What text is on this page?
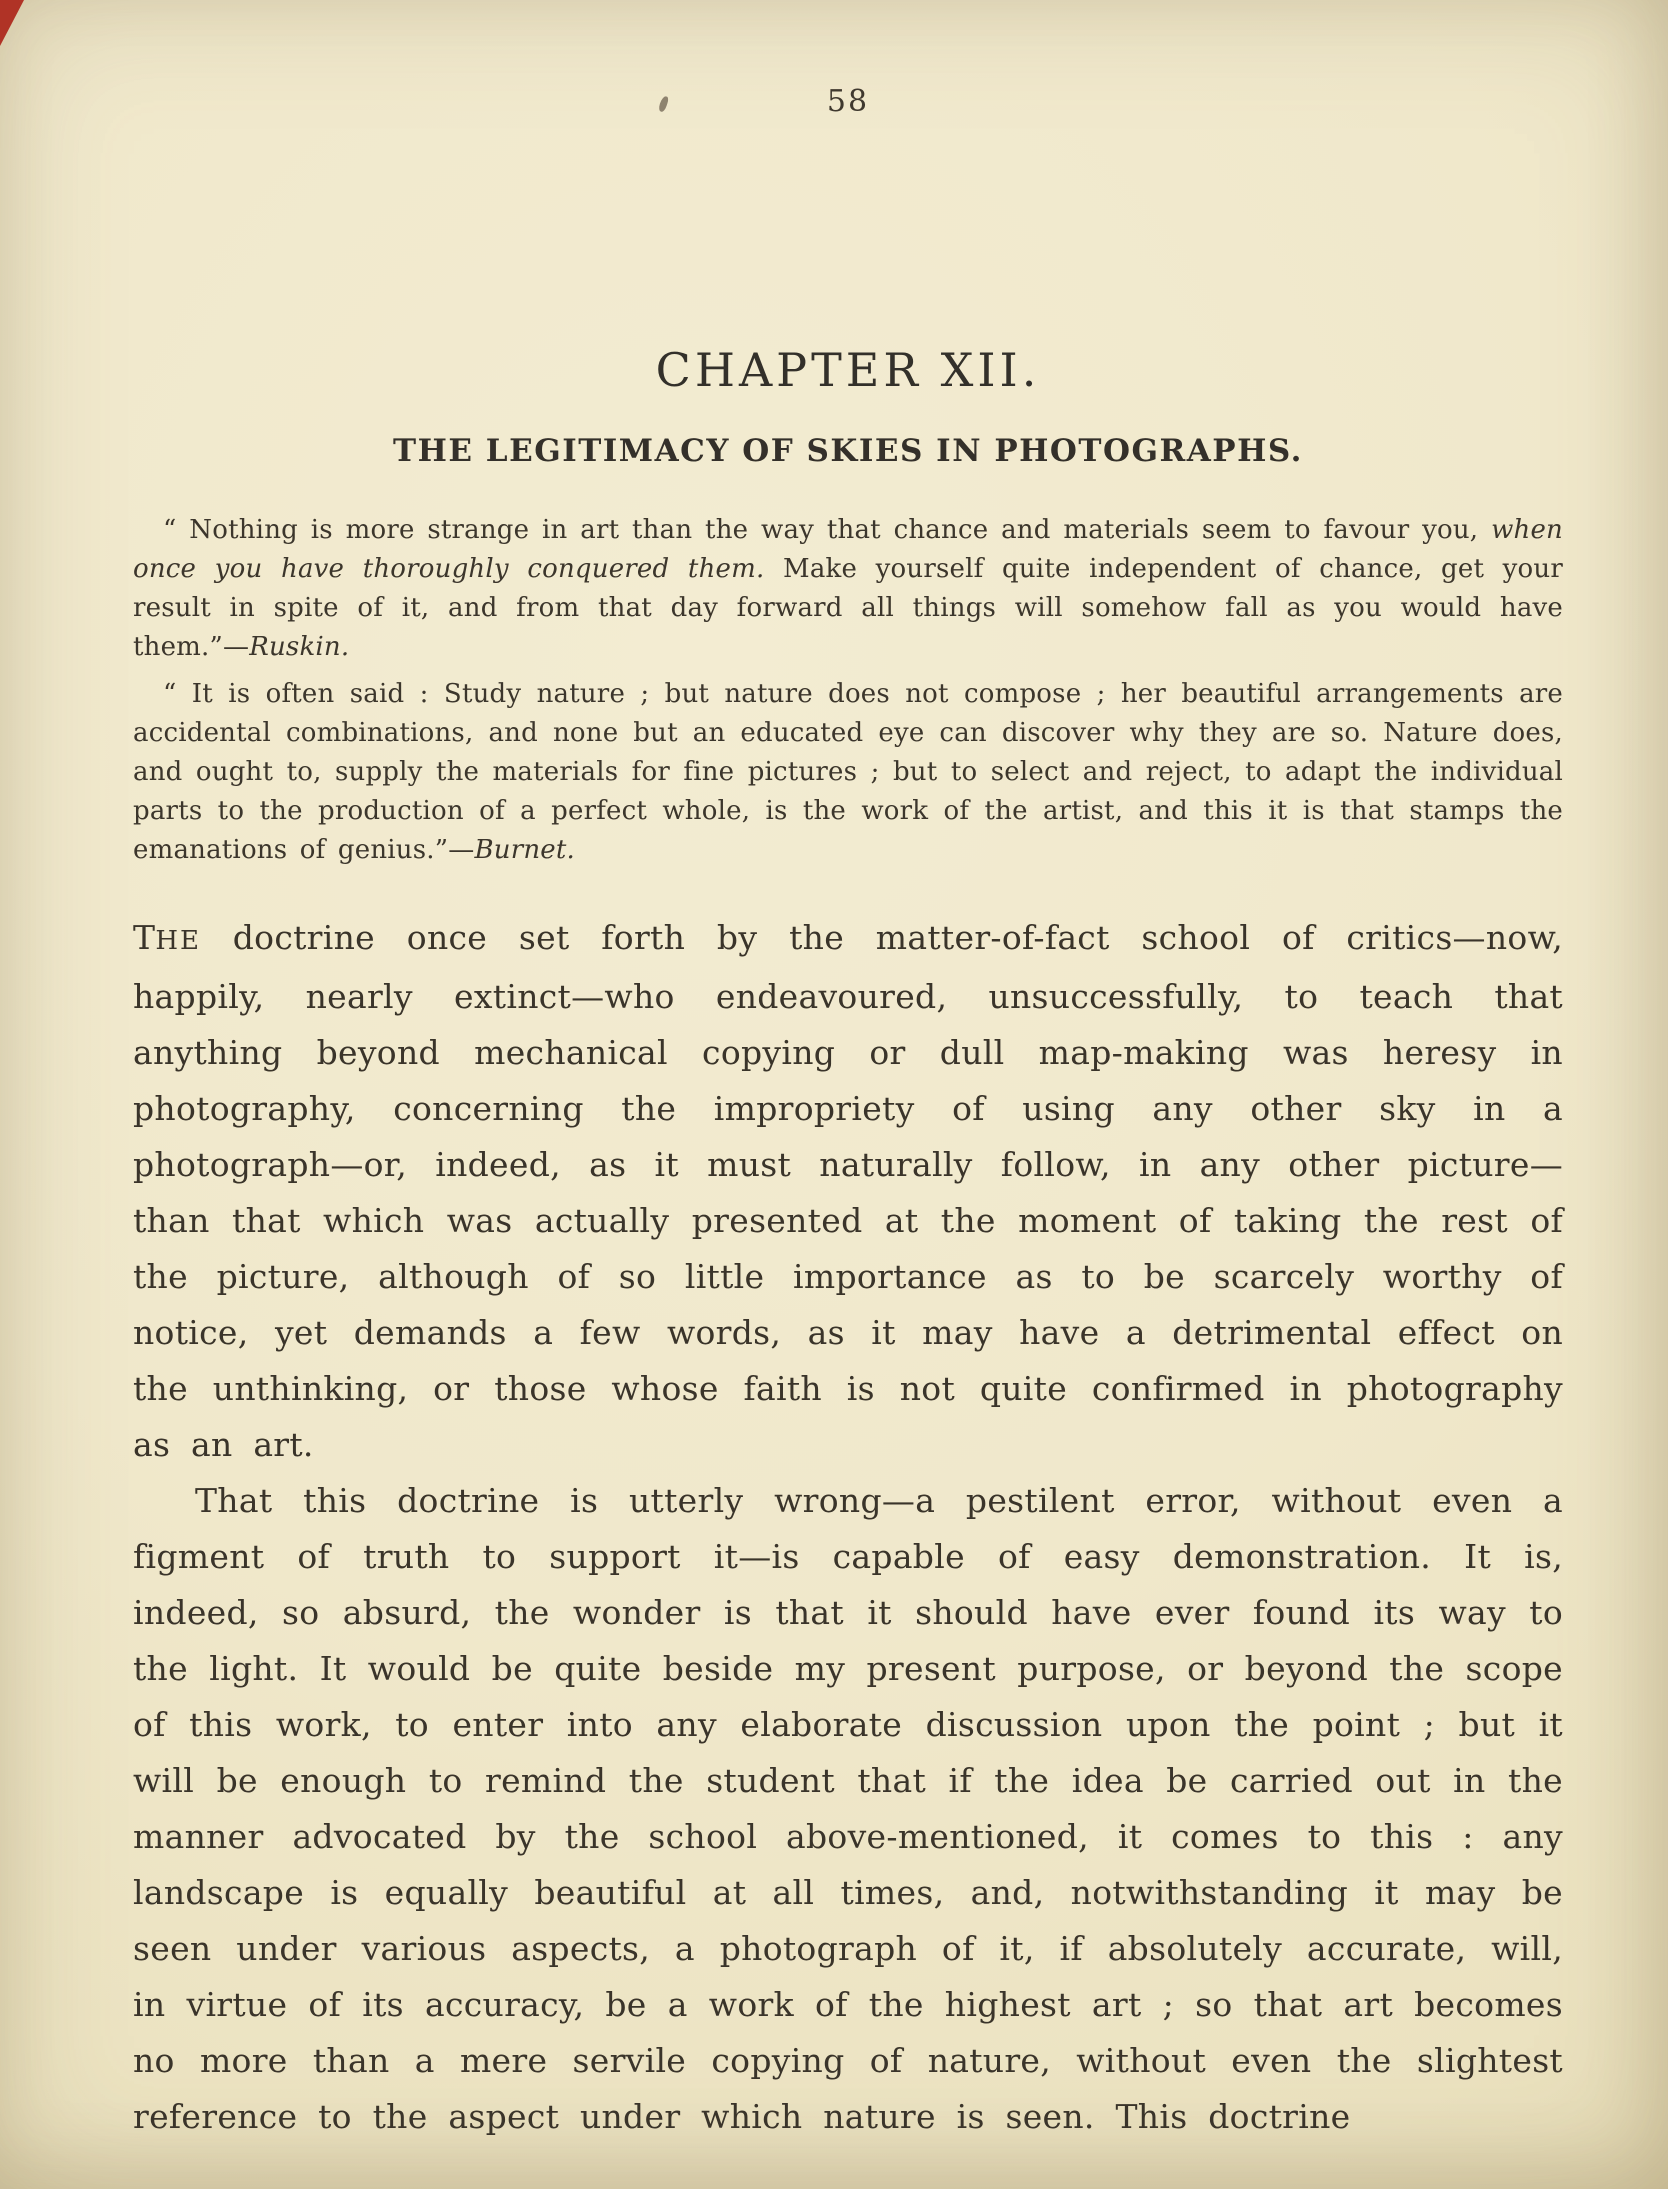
58
CHAPTER XII.
THE LEGITIMACY OF SKIES IN PHOTOGRAPHS.

“ Nothing is more strange in art than the way that chance and materials seem to favour you, when once you have thoroughly conquered them. Make yourself quite independent of chance, get your result in spite of it, and from that day forward all things will somehow fall as you would have them.”—Ruskin.

“ It is often said : Study nature ; but nature does not compose ; her beautiful arrangements are accidental combinations, and none but an educated eye can discover why they are so. Nature does, and ought to, supply the materials for fine pictures ; but to select and reject, to adapt the individual parts to the production of a perfect whole, is the work of the artist, and this it is that stamps the emanations of genius.”—Burnet.

THE doctrine once set forth by the matter-of-fact school of critics—now, happily, nearly extinct—who endeavoured, unsuccessfully, to teach that anything beyond mechanical copying or dull map-making was heresy in photography, concerning the impropriety of using any other sky in a photograph—or, indeed, as it must naturally follow, in any other picture—than that which was actually presented at the moment of taking the rest of the picture, although of so little importance as to be scarcely worthy of notice, yet demands a few words, as it may have a detrimental effect on the unthinking, or those whose faith is not quite confirmed in photography as an art.

That this doctrine is utterly wrong—a pestilent error, without even a figment of truth to support it—is capable of easy demonstration. It is, indeed, so absurd, the wonder is that it should have ever found its way to the light. It would be quite beside my present purpose, or beyond the scope of this work, to enter into any elaborate discussion upon the point ; but it will be enough to remind the student that if the idea be carried out in the manner advocated by the school above-mentioned, it comes to this : any landscape is equally beautiful at all times, and, notwithstanding it may be seen under various aspects, a photograph of it, if absolutely accurate, will, in virtue of its accuracy, be a work of the highest art ; so that art becomes no more than a mere servile copying of nature, without even the slightest reference to the aspect under which nature is seen. This doctrine
